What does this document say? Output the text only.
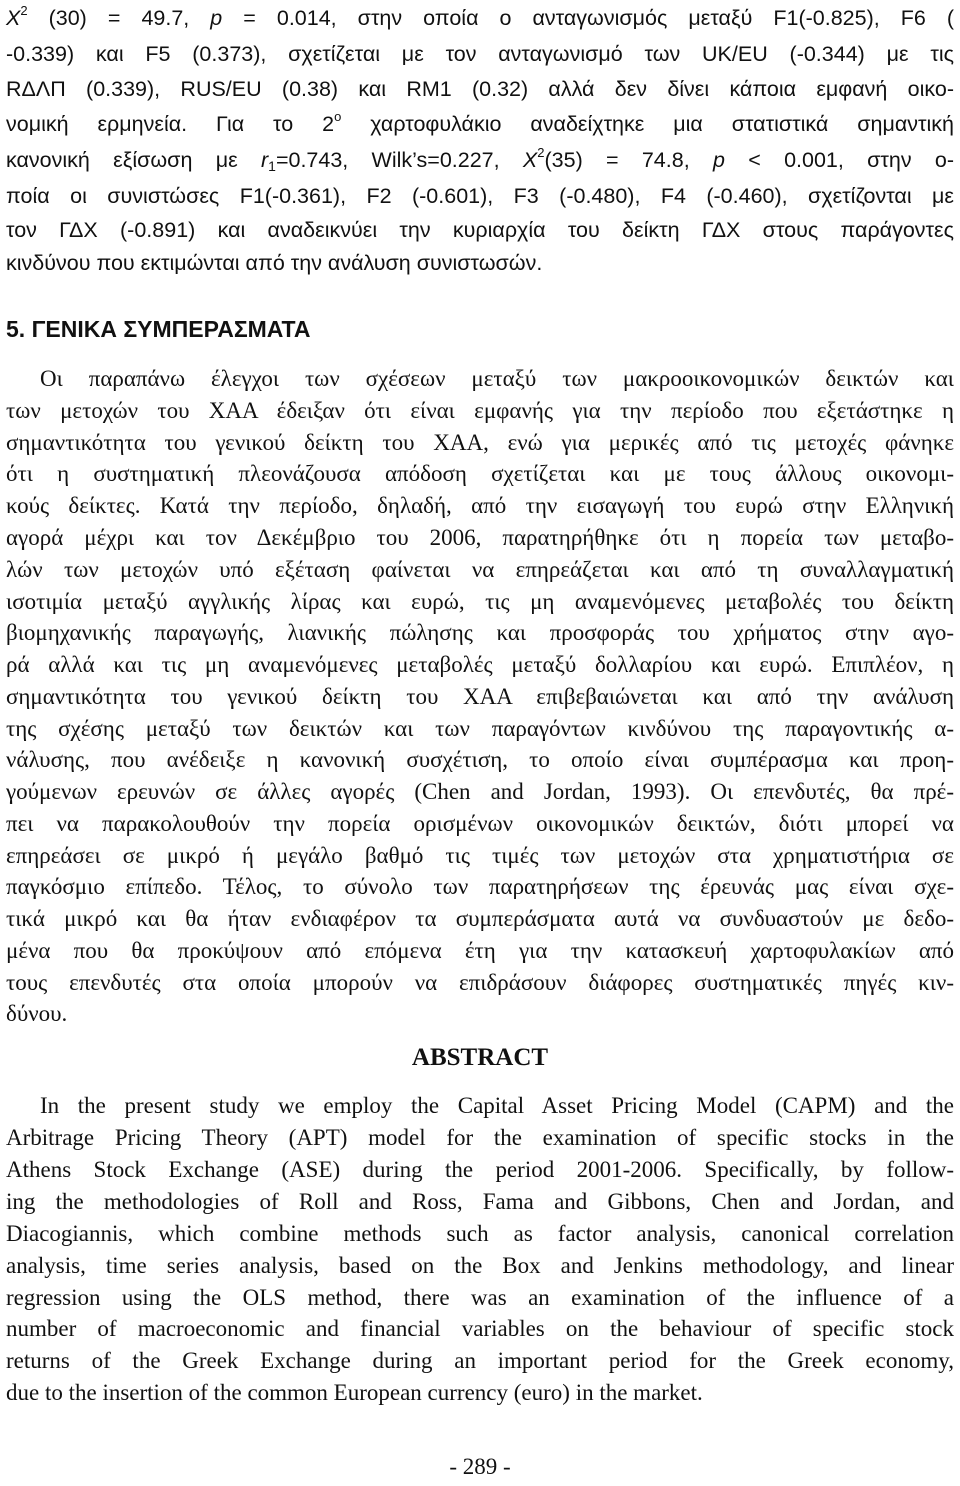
$X^2$ (30) = 49.7, p = 0.014, στην οποία ο ανταγωνισμός μεταξύ F1(-0.825), F6 (
-0.339) και F5 (0.373), σχετίζεται με τον ανταγωνισμό των UK/EU (-0.344) με τις
RΔΛΠ (0.339), RUS/EU (0.38) και RM1 (0.32) αλλά δεν δίνει κάποια εμφανή οικο-
νομική ερμηνεία. Για το $2^o$ χαρτοφυλάκιο αναδείχτηκε μια στατιστικά σημαντική
κανονική εξίσωση με $r_1=0.743$, Wilk’s=0.227, $X^2(35) = 74.8$, p < 0.001, στην ο-
ποία οι συνιστώσες F1(-0.361), F2 (-0.601), F3 (-0.480), F4 (-0.460), σχετίζονται με
τον ΓΔΧ (-0.891) και αναδεικνύει την κυριαρχία του δείκτη ΓΔΧ στους παράγοντες
κινδύνου που εκτιμώνται από την ανάλυση συνιστωσών.
5. ΓΕΝΙΚΑ ΣΥΜΠΕΡΑΣΜΑΤΑ
Οι παραπάνω έλεγχοι των σχέσεων μεταξύ των μακροοικονομικών δεικτών και
των μετοχών του ΧΑΑ έδειξαν ότι είναι εμφανής για την περίοδο που εξετάστηκε η
σημαντικότητα του γενικού δείκτη του ΧΑΑ, ενώ για μερικές από τις μετοχές φάνηκε
ότι η συστηματική πλεονάζουσα απόδοση σχετίζεται και με τους άλλους οικονομι-
κούς δείκτες. Κατά την περίοδο, δηλαδή, από την εισαγωγή του ευρώ στην Ελληνική
αγορά μέχρι και τον Δεκέμβριο του 2006, παρατηρήθηκε ότι η πορεία των μεταβο-
λών των μετοχών υπό εξέταση φαίνεται να επηρεάζεται και από τη συναλλαγματική
ισοτιμία μεταξύ αγγλικής λίρας και ευρώ, τις μη αναμενόμενες μεταβολές του δείκτη
βιομηχανικής παραγωγής, λιανικής πώλησης και προσφοράς του χρήματος στην αγο-
ρά αλλά και τις μη αναμενόμενες μεταβολές μεταξύ δολλαρίου και ευρώ. Επιπλέον, η
σημαντικότητα του γενικού δείκτη του ΧΑΑ επιβεβαιώνεται και από την ανάλυση
της σχέσης μεταξύ των δεικτών και των παραγόντων κινδύνου της παραγοντικής α-
νάλυσης, που ανέδειξε η κανονική συσχέτιση, το οποίο είναι συμπέρασμα και προη-
γούμενων ερευνών σε άλλες αγορές (Chen and Jordan, 1993). Οι επενδυτές, θα πρέ-
πει να παρακολουθούν την πορεία ορισμένων οικονομικών δεικτών, διότι μπορεί να
επηρεάσει σε μικρό ή μεγάλο βαθμό τις τιμές των μετοχών στα χρηματιστήρια σε
παγκόσμιο επίπεδο. Τέλος, το σύνολο των παρατηρήσεων της έρευνάς μας είναι σχε-
τικά μικρό και θα ήταν ενδιαφέρον τα συμπεράσματα αυτά να συνδυαστούν με δεδο-
μένα που θα προκύψουν από επόμενα έτη για την κατασκευή χαρτοφυλακίων από
τους επενδυτές στα οποία μπορούν να επιδράσουν διάφορες συστηματικές πηγές κιν-
δύνου.
ABSTRACT
In the present study we employ the Capital Asset Pricing Model (CAPM) and the
Arbitrage Pricing Theory (APT) model for the examination of specific stocks in the
Athens Stock Exchange (ASE) during the period 2001-2006. Specifically, by follow-
ing the methodologies of Roll and Ross, Fama and Gibbons, Chen and Jordan, and
Diacogiannis, which combine methods such as factor analysis, canonical correlation
analysis, time series analysis, based on the Box and Jenkins methodology, and linear
regression using the OLS method, there was an examination of the influence of a
number of macroeconomic and financial variables on the behaviour of specific stock
returns of the Greek Exchange during an important period for the Greek economy,
due to the insertion of the common European currency (euro) in the market.
- 289 -
